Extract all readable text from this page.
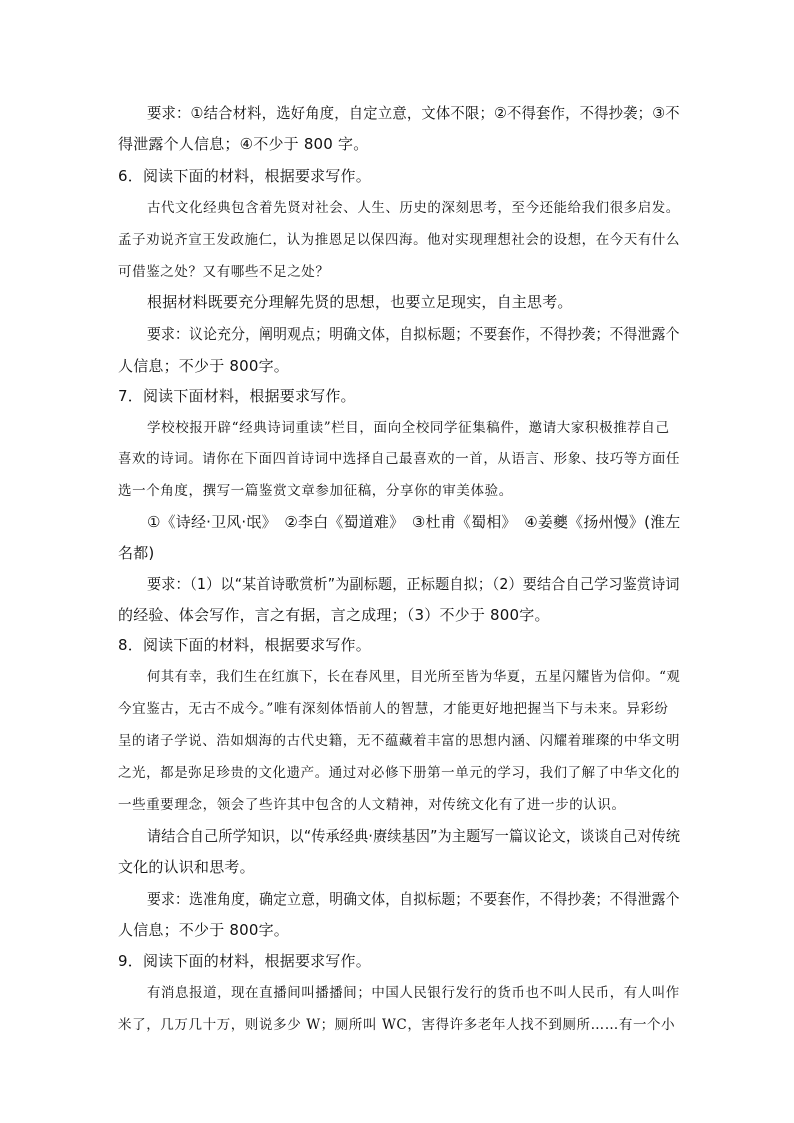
要求：①结合材料，选好角度，自定立意，文体不限；②不得套作，不得抄袭；③不
得泄露个人信息；④不少于 800 字。
6．阅读下面的材料，根据要求写作。
古代文化经典包含着先贤对社会、人生、历史的深刻思考，至今还能给我们很多启发。
孟子劝说齐宣王发政施仁，认为推恩足以保四海。他对实现理想社会的设想，在今天有什么
可借鉴之处？又有哪些不足之处？
根据材料既要充分理解先贤的思想，也要立足现实，自主思考。
要求：议论充分，阐明观点；明确文体，自拟标题；不要套作，不得抄袭；不得泄露个
人信息；不少于 800字。
7．阅读下面材料，根据要求写作。
学校校报开辟“经典诗词重读”栏目，面向全校同学征集稿件，邀请大家积极推荐自己
喜欢的诗词。请你在下面四首诗词中选择自己最喜欢的一首，从语言、形象、技巧等方面任
选一个角度，撰写一篇鉴赏文章参加征稿，分享你的审美体验。
①《诗经·卫风·氓》　②李白《蜀道难》　③杜甫《蜀相》　④姜夔《扬州慢》(淮左
名都)
要求：（1）以“某首诗歌赏析”为副标题，正标题自拟；（2）要结合自己学习鉴赏诗词
的经验、体会写作，言之有据，言之成理；（3）不少于 800字。
8．阅读下面的材料，根据要求写作。
何其有幸，我们生在红旗下，长在春风里，目光所至皆为华夏，五星闪耀皆为信仰。“观
今宜鉴古，无古不成今。”唯有深刻体悟前人的智慧，才能更好地把握当下与未来。异彩纷
呈的诸子学说、浩如烟海的古代史籍，无不蕴藏着丰富的思想内涵、闪耀着璀璨的中华文明
之光，都是弥足珍贵的文化遗产。通过对必修下册第一单元的学习，我们了解了中华文化的
一些重要理念，领会了些许其中包含的人文精神，对传统文化有了进一步的认识。
请结合自己所学知识，以“传承经典·赓续基因”为主题写一篇议论文，谈谈自己对传统
文化的认识和思考。
要求：选准角度，确定立意，明确文体，自拟标题；不要套作，不得抄袭；不得泄露个
人信息；不少于 800字。
9．阅读下面的材料，根据要求写作。
有消息报道，现在直播间叫播播间；中国人民银行发行的货币也不叫人民币，有人叫作
米了，几万几十万，则说多少 W；厕所叫 WC，害得许多老年人找不到厕所……有一个小
